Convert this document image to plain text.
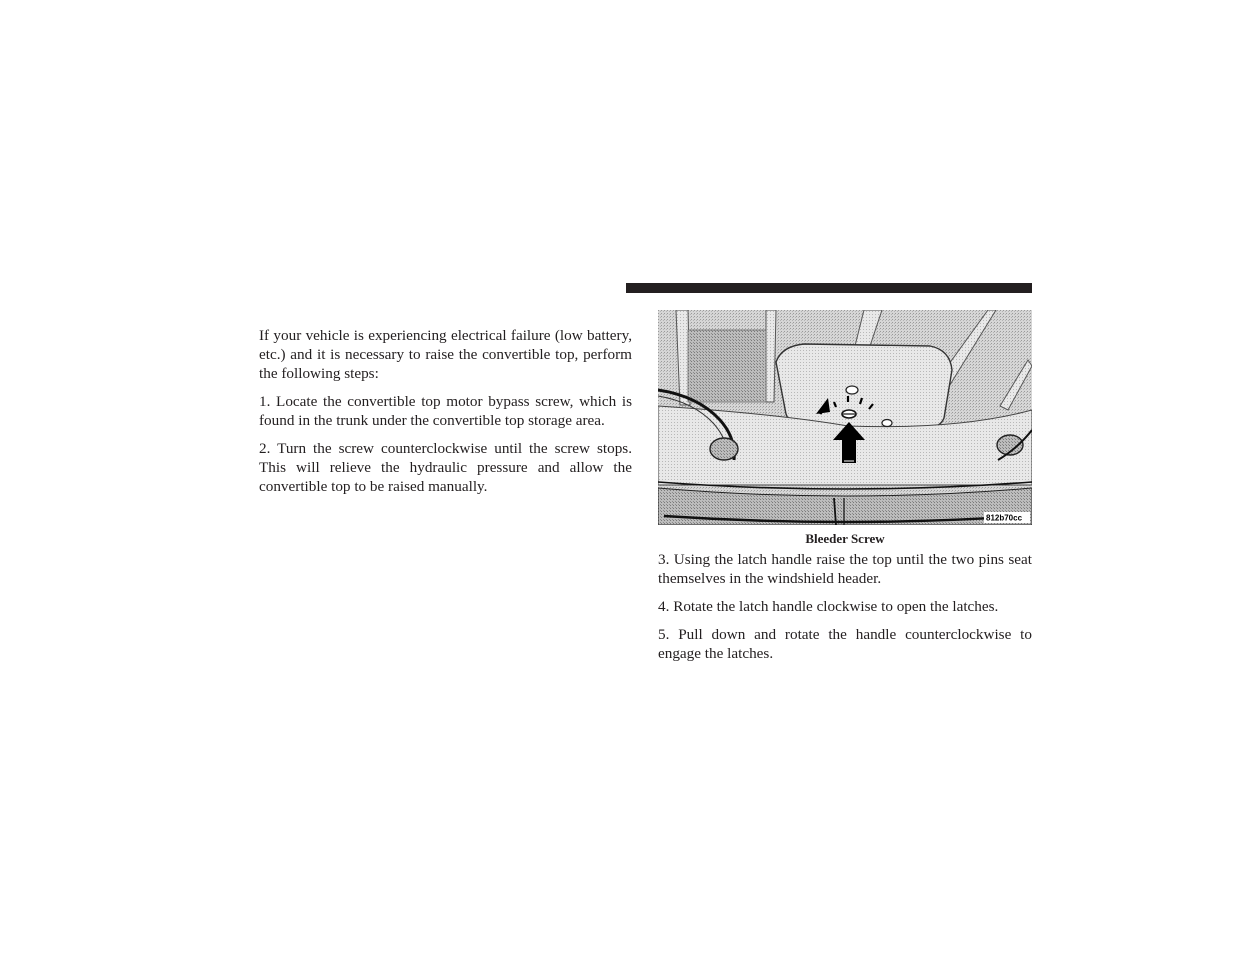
If your vehicle is experiencing electrical failure (low battery, etc.) and it is necessary to raise the convertible top, perform the following steps:

1. Locate the convertible top motor bypass screw, which is found in the trunk under the convertible top storage area.

2. Turn the screw counterclockwise until the screw stops. This will relieve the hydraulic pressure and allow the convertible top to be raised manually.

812b70cc
Bleeder Screw

3. Using the latch handle raise the top until the two pins seat themselves in the windshield header.

4. Rotate the latch handle clockwise to open the latches.

5. Pull down and rotate the handle counterclockwise to engage the latches.
